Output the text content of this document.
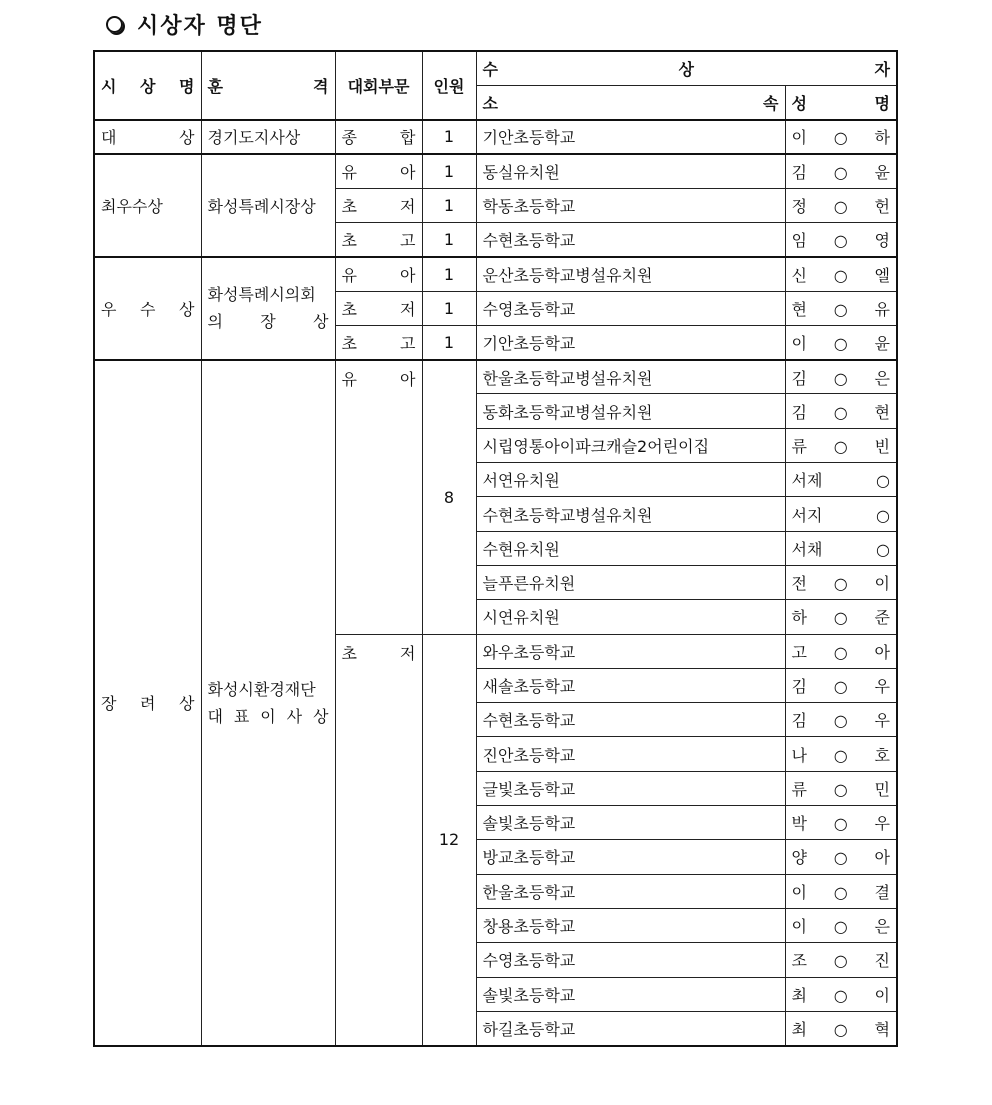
시상자 명단
시 상 명	훈 격	대회부문	인원	수 상 자	
				소 속	성 명
대 상	경기도지사상	종 합	1	기안초등학교	이○하
최우수상	화성특례시장상	유 아	1	동실유치원	김○윤
		초 저	1	학동초등학교	정○헌
		초 고	1	수현초등학교	임○영
우 수 상	화성특례시의회 의 장 상	유 아	1	운산초등학교병설유치원	신○엘
		초 저	1	수영초등학교	현○유
		초 고	1	기안초등학교	이○윤
장 려 상	화성시환경재단 대 표 이 사 상	유 아	8	한울초등학교병설유치원	김○은
				동화초등학교병설유치원	김○현
				시립영통아이파크캐슬2어린이집	류○빈
				서연유치원	서제○
				수현초등학교병설유치원	서지○
				수현유치원	서채○
				늘푸른유치원	전○이
				시연유치원	하○준
		초 저	12	와우초등학교	고○아
				새솔초등학교	김○우
				수현초등학교	김○우
				진안초등학교	나○호
				글빛초등학교	류○민
				솔빛초등학교	박○우
				방교초등학교	양○아
				한울초등학교	이○결
				창용초등학교	이○은
				수영초등학교	조○진
				솔빛초등학교	최○이
				하길초등학교	최○혁
